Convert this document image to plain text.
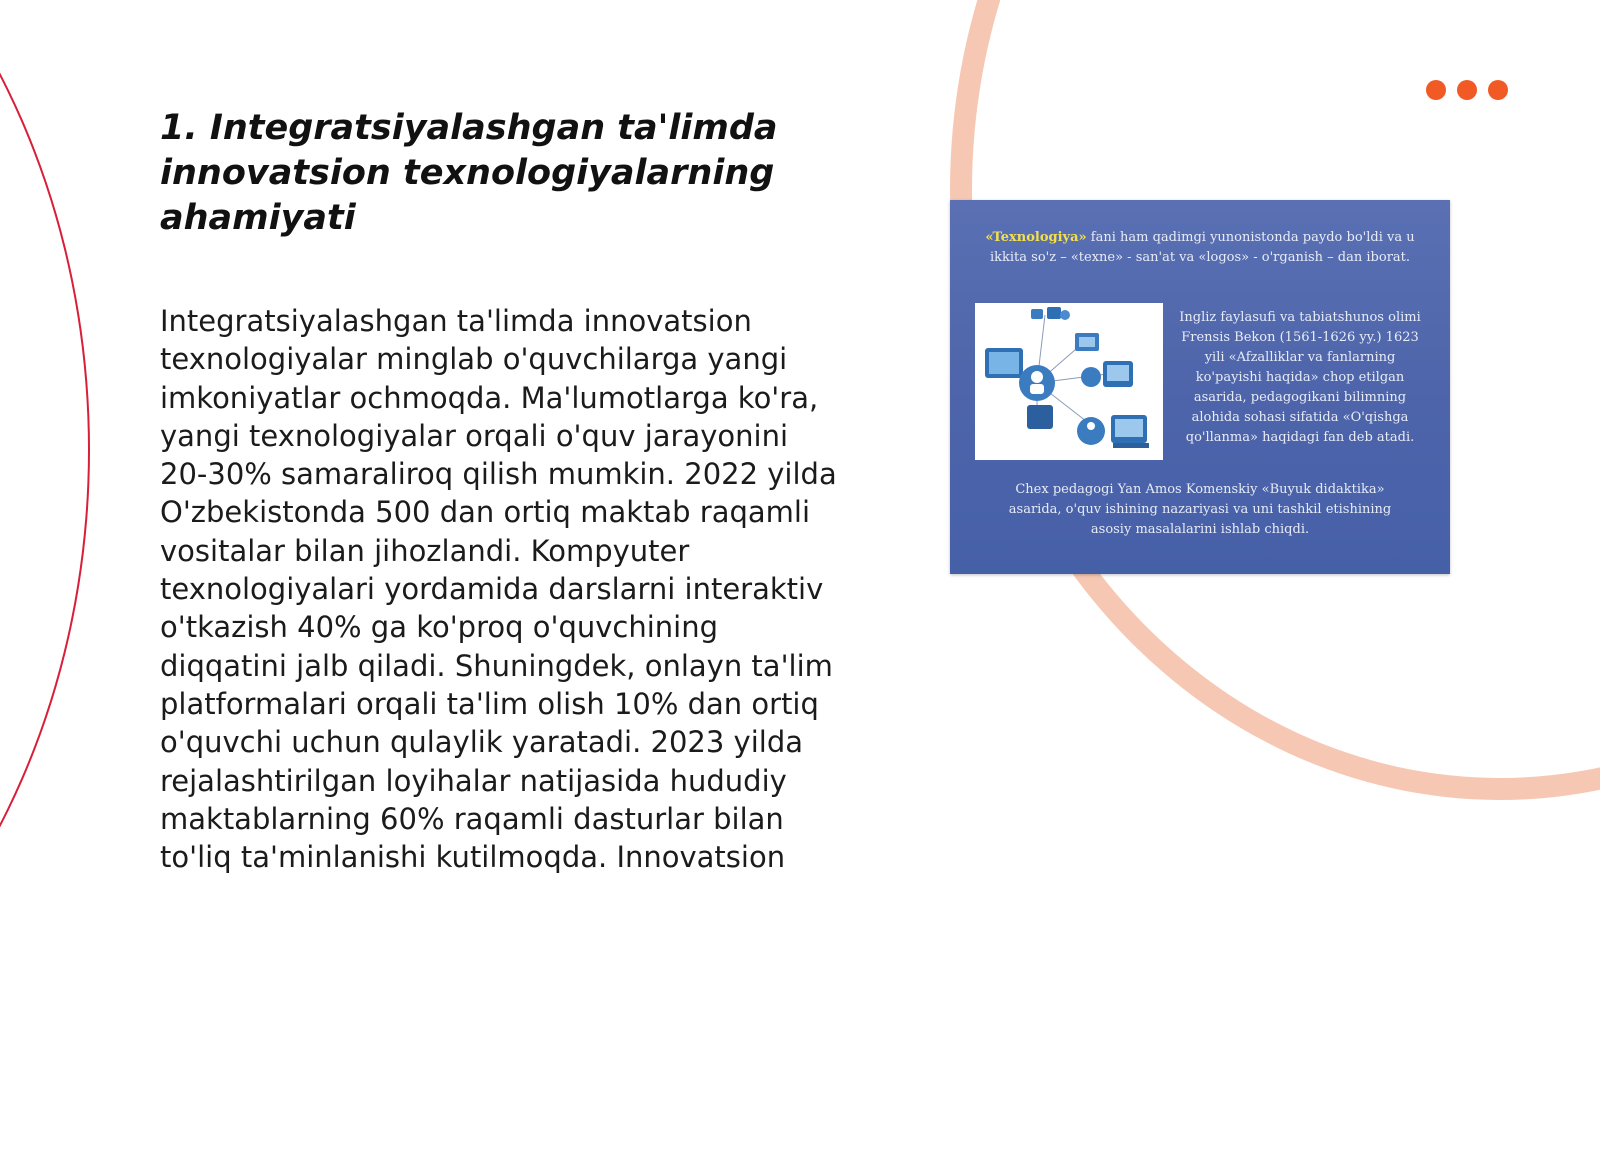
1. Integratsiyalashgan ta'limda innovatsion texnologiyalarning ahamiyati

Integratsiyalashgan ta'limda innovatsion texnologiyalar minglab o'quvchilarga yangi imkoniyatlar ochmoqda. Ma'lumotlarga ko'ra, yangi texnologiyalar orqali o'quv jarayonini 20-30% samaraliroq qilish mumkin. 2022 yilda O'zbekistonda 500 dan ortiq maktab raqamli vositalar bilan jihozlandi. Kompyuter texnologiyalari yordamida darslarni interaktiv o'tkazish 40% ga ko'proq o'quvchining diqqatini jalb qiladi. Shuningdek, onlayn ta'lim platformalari orqali ta'lim olish 10% dan ortiq o'quvchi uchun qulaylik yaratadi. 2023 yilda rejalashtirilgan loyihalar natijasida hududiy maktablarning 60% raqamli dasturlar bilan to'liq ta'minlanishi kutilmoqda. Innovatsion

«Texnologiya» fani ham qadimgi yunonistonda paydo bo'ldi va u ikkita so'z – «texne» - san'at va «logos» - o'rganish – dan iborat.

Ingliz faylasufi va tabiatshunos olimi Frensis Bekon (1561-1626 yy.) 1623 yili «Afzalliklar va fanlarning ko'payishi haqida» chop etilgan asarida, pedagogikani bilimning alohida sohasi sifatida «O'qishga qo'llanma» haqidagi fan deb atadi.

Chex pedagogi Yan Amos Komenskiy «Buyuk didaktika» asarida, o'quv ishining nazariyasi va uni tashkil etishining asosiy masalalarini ishlab chiqdi.
